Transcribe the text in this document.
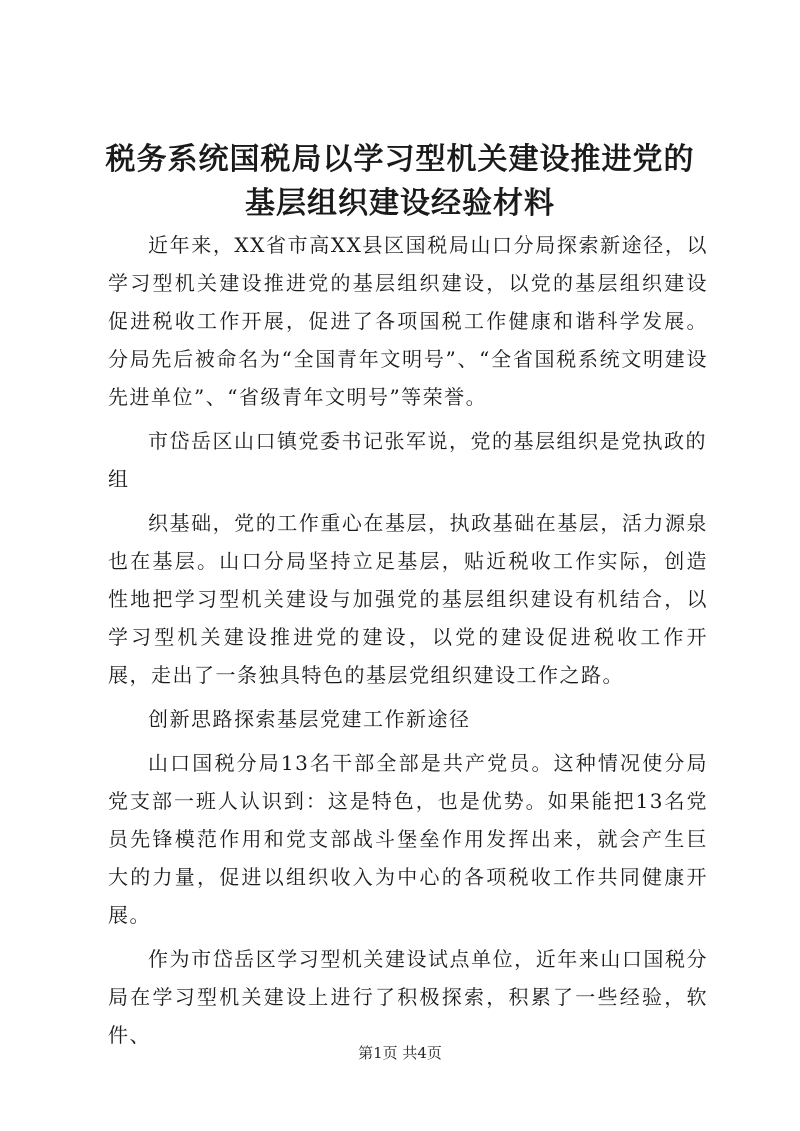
税务系统国税局以学习型机关建设推进党的基层组织建设经验材料

近年来，XX省市高XX县区国税局山口分局探索新途径，以学习型机关建设推进党的基层组织建设，以党的基层组织建设促进税收工作开展，促进了各项国税工作健康和谐科学发展。分局先后被命名为“全国青年文明号”、“全省国税系统文明建设先进单位”、“省级青年文明号”等荣誉。

市岱岳区山口镇党委书记张军说，党的基层组织是党执政的

组

织基础，党的工作重心在基层，执政基础在基层，活力源泉也在基层。山口分局坚持立足基层，贴近税收工作实际，创造性地把学习型机关建设与加强党的基层组织建设有机结合，以学习型机关建设推进党的建设，以党的建设促进税收工作开展，走出了一条独具特色的基层党组织建设工作之路。

创新思路探索基层党建工作新途径

山口国税分局13名干部全部是共产党员。这种情况使分局党支部一班人认识到：这是特色，也是优势。如果能把13名党员先锋模范作用和党支部战斗堡垒作用发挥出来，就会产生巨大的力量，促进以组织收入为中心的各项税收工作共同健康开展。

作为市岱岳区学习型机关建设试点单位，近年来山口国税分局在学习型机关建设上进行了积极探索，积累了一些经验，软件、

第1页 共4页
